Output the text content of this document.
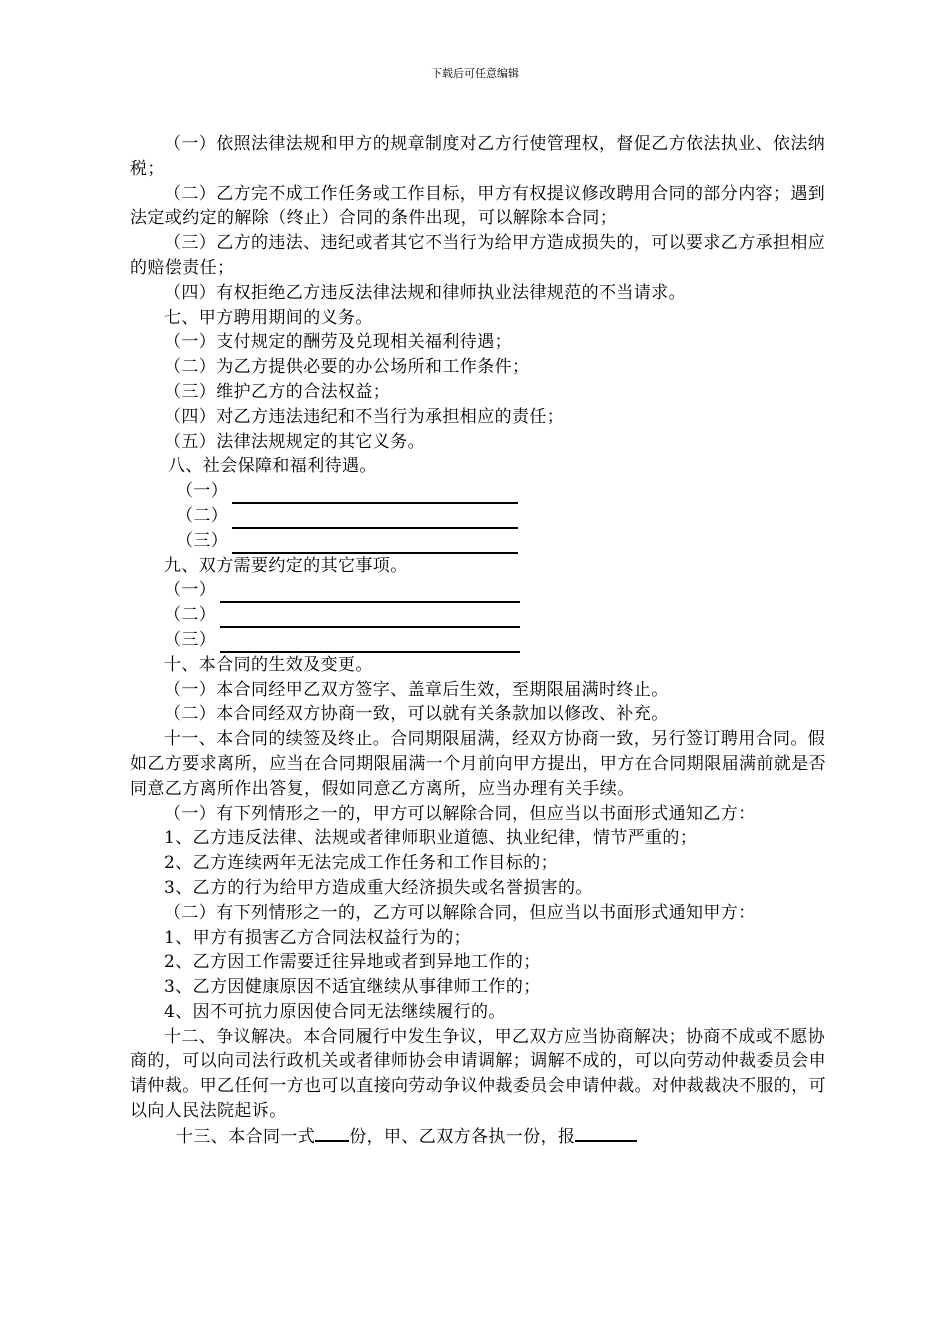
下载后可任意编辑

（一）依照法律法规和甲方的规章制度对乙方行使管理权，督促乙方依法执业、依法纳税；

（二）乙方完不成工作任务或工作目标，甲方有权提议修改聘用合同的部分内容；遇到法定或约定的解除（终止）合同的条件出现，可以解除本合同；

（三）乙方的违法、违纪或者其它不当行为给甲方造成损失的，可以要求乙方承担相应的赔偿责任；

（四）有权拒绝乙方违反法律法规和律师执业法律规范的不当请求。

七、甲方聘用期间的义务。

（一）支付规定的酬劳及兑现相关福利待遇；

（二）为乙方提供必要的办公场所和工作条件；

（三）维护乙方的合法权益；

（四）对乙方违法违纪和不当行为承担相应的责任；

（五）法律法规规定的其它义务。

八、社会保障和福利待遇。

（一）
（二）
（三）

九、双方需要约定的其它事项。

（一）
（二）
（三）

十、本合同的生效及变更。

（一）本合同经甲乙双方签字、盖章后生效，至期限届满时终止。

（二）本合同经双方协商一致，可以就有关条款加以修改、补充。

十一、本合同的续签及终止。合同期限届满，经双方协商一致，另行签订聘用合同。假如乙方要求离所，应当在合同期限届满一个月前向甲方提出，甲方在合同期限届满前就是否同意乙方离所作出答复，假如同意乙方离所，应当办理有关手续。

（一）有下列情形之一的，甲方可以解除合同，但应当以书面形式通知乙方：

1、乙方违反法律、法规或者律师职业道德、执业纪律，情节严重的；

2、乙方连续两年无法完成工作任务和工作目标的；

3、乙方的行为给甲方造成重大经济损失或名誉损害的。

（二）有下列情形之一的，乙方可以解除合同，但应当以书面形式通知甲方：

1、甲方有损害乙方合同法权益行为的；

2、乙方因工作需要迁往异地或者到异地工作的；

3、乙方因健康原因不适宜继续从事律师工作的；

4、因不可抗力原因使合同无法继续履行的。

十二、争议解决。本合同履行中发生争议，甲乙双方应当协商解决；协商不成或不愿协商的，可以向司法行政机关或者律师协会申请调解；调解不成的，可以向劳动仲裁委员会申请仲裁。甲乙任何一方也可以直接向劳动争议仲裁委员会申请仲裁。对仲裁裁决不服的，可以向人民法院起诉。

十三、本合同一式 份，甲、乙双方各执一份，报
